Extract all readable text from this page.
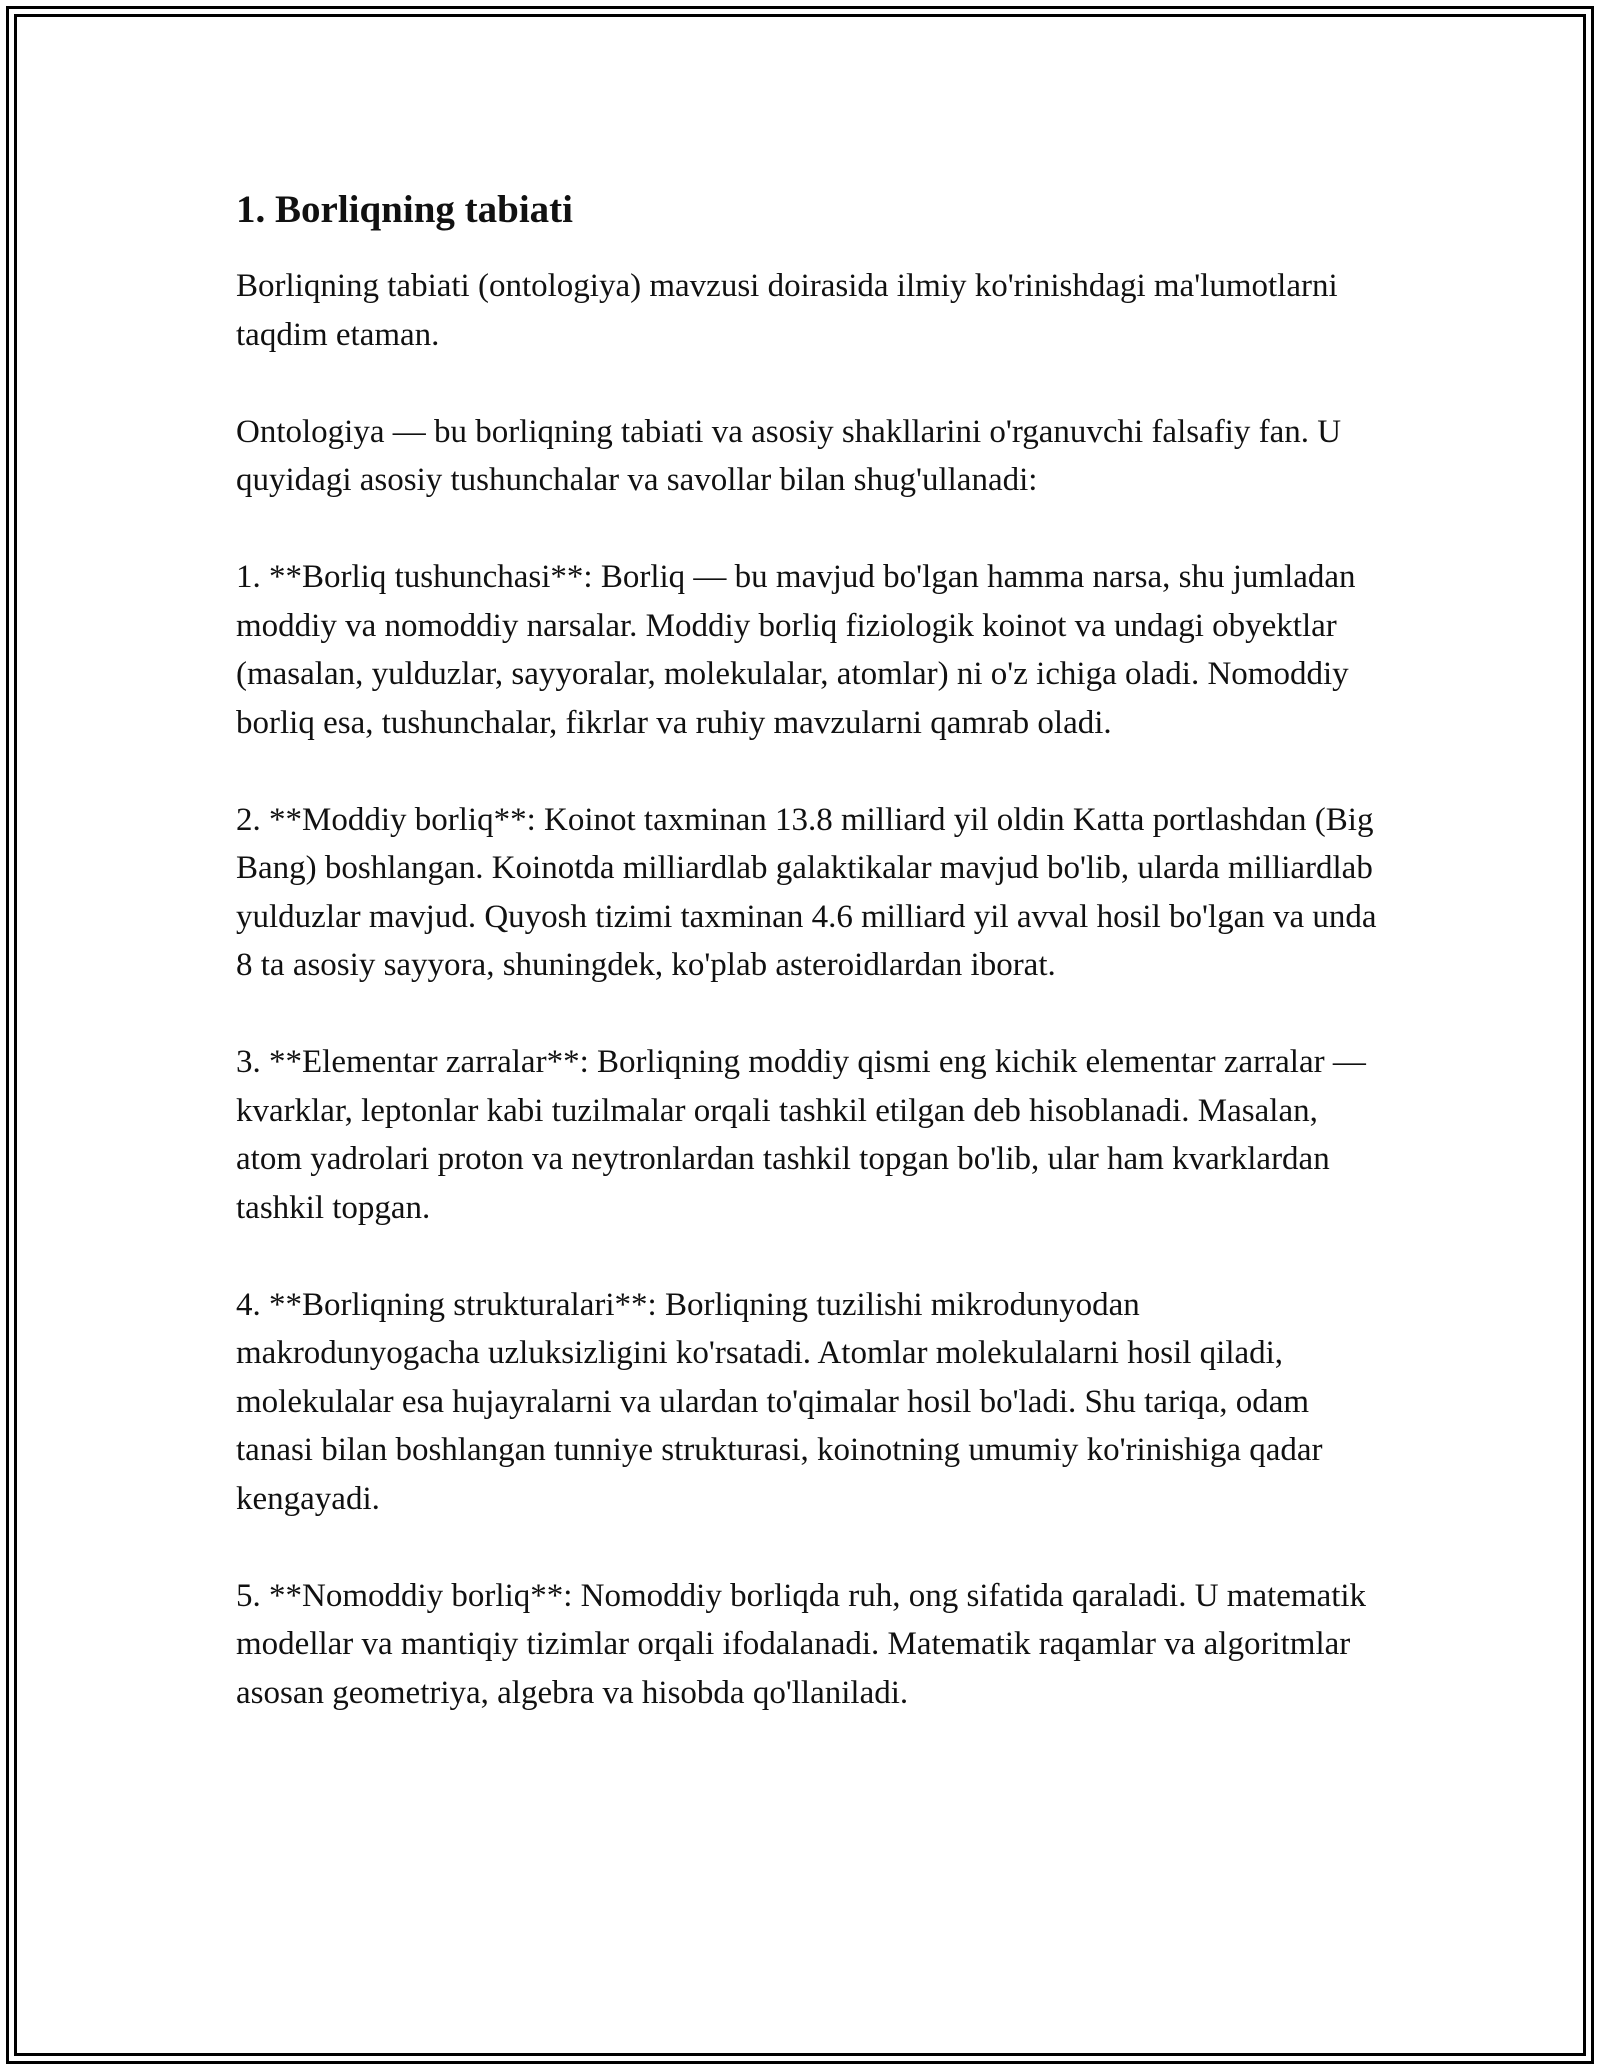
1. Borliqning tabiati

Borliqning tabiati (ontologiya) mavzusi doirasida ilmiy ko'rinishdagi ma'lumotlarni taqdim etaman.

Ontologiya — bu borliqning tabiati va asosiy shakllarini o'rganuvchi falsafiy fan. U quyidagi asosiy tushunchalar va savollar bilan shug'ullanadi:

1. **Borliq tushunchasi**: Borliq — bu mavjud bo'lgan hamma narsa, shu jumladan moddiy va nomoddiy narsalar. Moddiy borliq fiziologik koinot va undagi obyektlar (masalan, yulduzlar, sayyoralar, molekulalar, atomlar) ni o'z ichiga oladi. Nomoddiy borliq esa, tushunchalar, fikrlar va ruhiy mavzularni qamrab oladi.

2. **Moddiy borliq**: Koinot taxminan 13.8 milliard yil oldin Katta portlashdan (Big Bang) boshlangan. Koinotda milliardlab galaktikalar mavjud bo'lib, ularda milliardlab yulduzlar mavjud. Quyosh tizimi taxminan 4.6 milliard yil avval hosil bo'lgan va unda 8 ta asosiy sayyora, shuningdek, ko'plab asteroidlardan iborat.

3. **Elementar zarralar**: Borliqning moddiy qismi eng kichik elementar zarralar — kvarklar, leptonlar kabi tuzilmalar orqali tashkil etilgan deb hisoblanadi. Masalan, atom yadrolari proton va neytronlardan tashkil topgan bo'lib, ular ham kvarklardan tashkil topgan.

4. **Borliqning strukturalari**: Borliqning tuzilishi mikrodunyodan makrodunyogacha uzluksizligini ko'rsatadi. Atomlar molekulalarni hosil qiladi, molekulalar esa hujayralarni va ulardan to'qimalar hosil bo'ladi. Shu tariqa, odam tanasi bilan boshlangan tunniye strukturasi, koinotning umumiy ko'rinishiga qadar kengayadi.

5. **Nomoddiy borliq**: Nomoddiy borliqda ruh, ong sifatida qaraladi. U matematik modellar va mantiqiy tizimlar orqali ifodalanadi. Matematik raqamlar va algoritmlar asosan geometriya, algebra va hisobda qo'llaniladi.
